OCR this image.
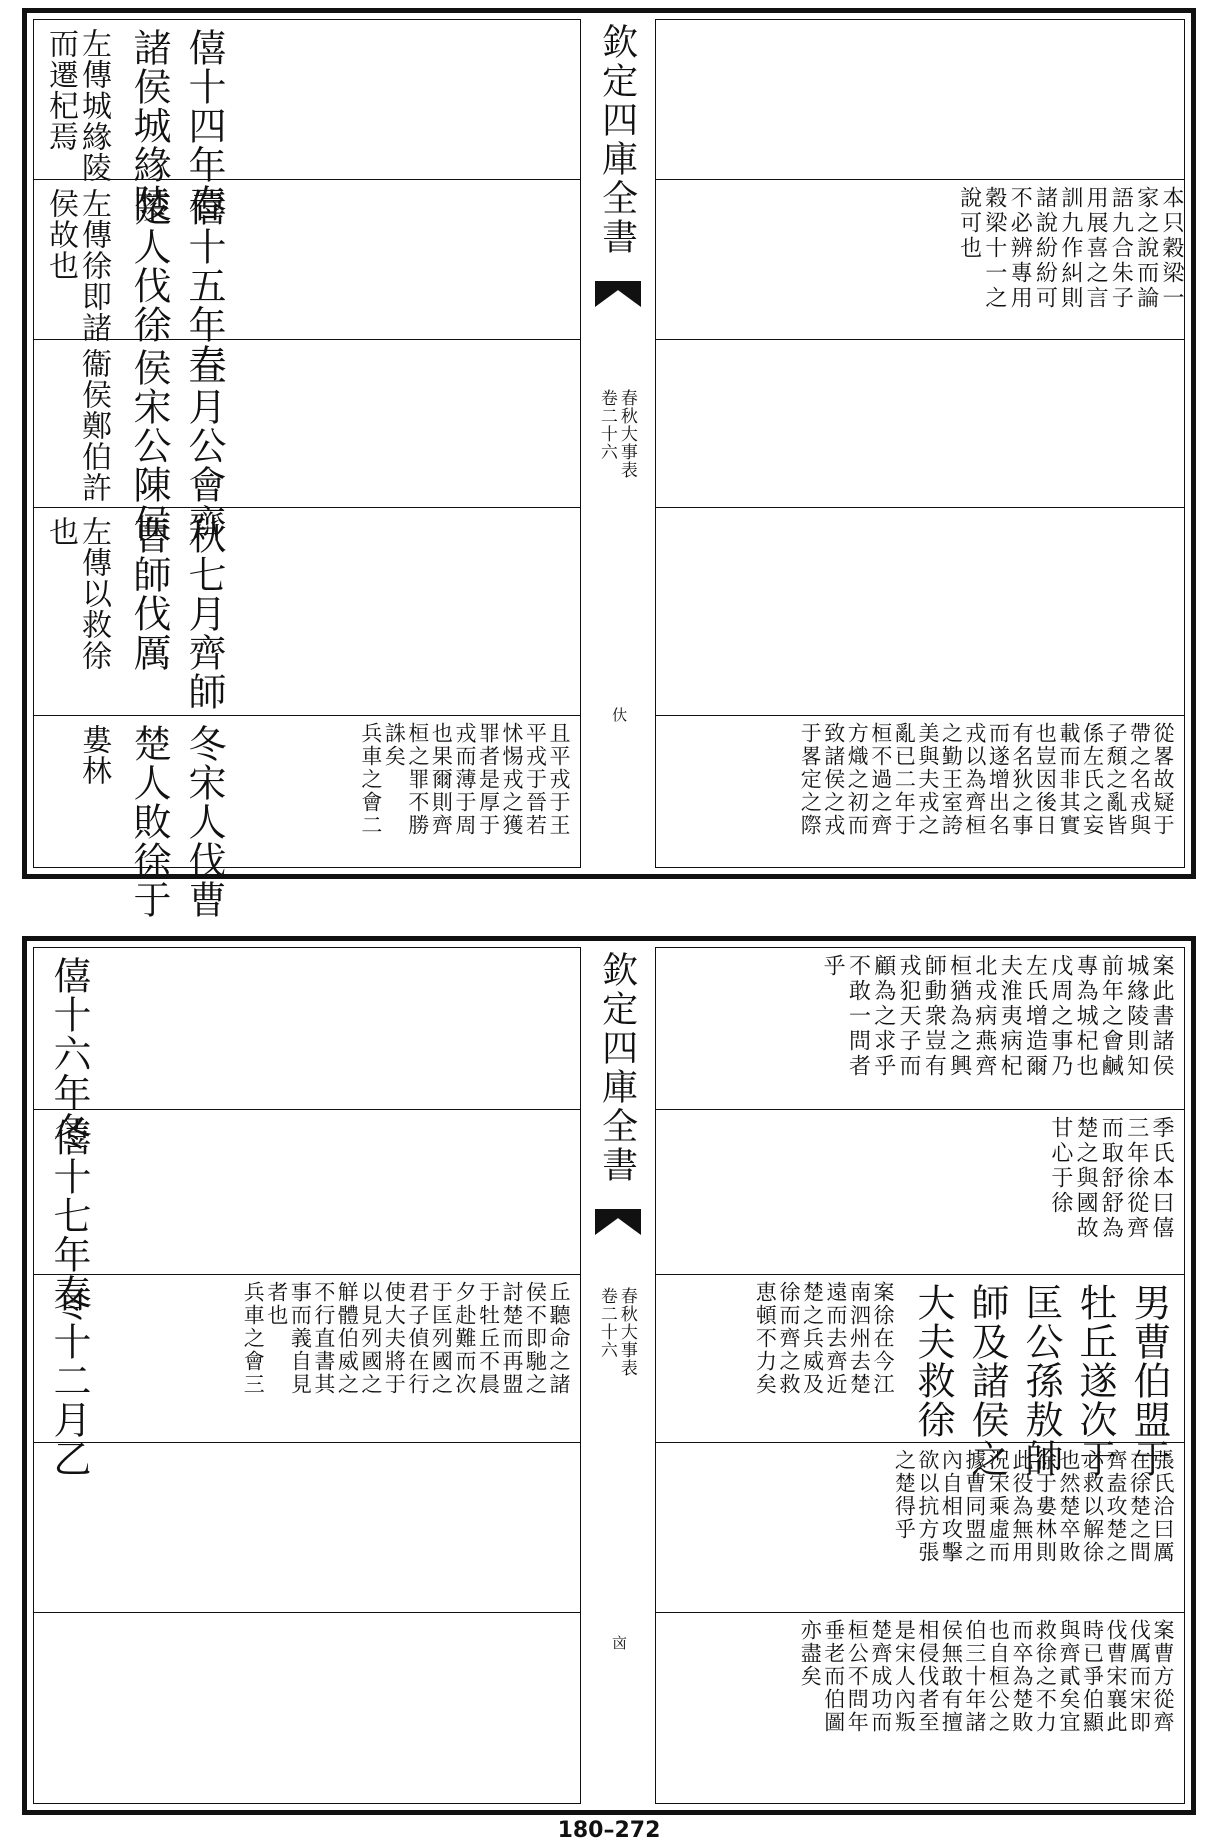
僖十四年春
諸侯城緣陵
左傳城緣陵
而遷杞焉
僖十五年春
楚人伐徐
左傳徐即諸
侯故也
三月公會齊
侯宋公陳侯
衞侯鄭伯許
秋七月齊師
曹師伐厲
左傳以救徐
也
冬宋人伐曹
楚人敗徐于
婁林	且平戎于王
平戎于晉若
怵惕戎之獲
罪者是厚于
戎而薄于周
也果爾則齊
桓之罪不勝
誅矣
兵車之會二
欽定四庫全書
春秋大事表
卷二十六
㐲
本只穀梁一
家之說而論
語九合朱子
用展喜之言
訓九作糾則
諸說紛紛可
不必辨專用
穀梁十一之
說可也
從畧故疑于
帶之名戎與
子頹之亂皆
係左氏之妄
載而非其實
也豈因後日
有名狄之事
而遂增出名
戎以為齊桓
之勤王室誇
美與夫戎之
亂已二年于
桓不過之齊
方熾之初而
致諸侯之戎
于畧定之際
僖十六年冬
僖十七年春
冬十二月乙	丘聽命之諸
侯不即馳之
討楚而再盟
于牡丘不晨
夕赴難而次
于匡列國之
君子偵在行
使大夫將于
以見列國之
觧體伯威之
不行直書其
事而義自見
者也
兵車之會三
欽定四庫全書
春秋大事表
卷二十六
㐫
案此書諸侯
城緣陵則知
前年之會鹹
專為城杞也
戊周之事乃
左氏增造爾
夫淮夷病杞
北戎病燕齊
桓猶為之興
師動衆豈有
戎犯天子而
顧為之求乎
不敢一問者
乎
季氏本曰僖
三年徐從齊
而取舒舒為
楚之與國故
甘心于徐
男曹伯盟于
牡丘遂次于
匡公孫敖帥
師及諸侯之
大夫救徐
案徐在今江
南泗州去楚
遠而去齊近
楚之兵威及
徐而齊之救
恵頓不力矣
張氏洽曰厲
在徐楚之間
齊盍攻楚之
必救以解徐
也然楚卒敗
徐于婁林則
此役為無用
況宋乘虛而
據曹同盟之
內自相攻擊
欲以抗方張
之楚得乎
案曹方從齊
伐厲而宋即
伐曹宋襄此
時已爭伯顯
與齊貳矣宜
救徐之不力
而卒為楚敗
也自桓公之
伯三十年諸
侯無敢有擅
相侵伐者至
是宋人內叛
楚齊成功而
桓公不問年
垂老而伯圖
亦盡矣
180–272
